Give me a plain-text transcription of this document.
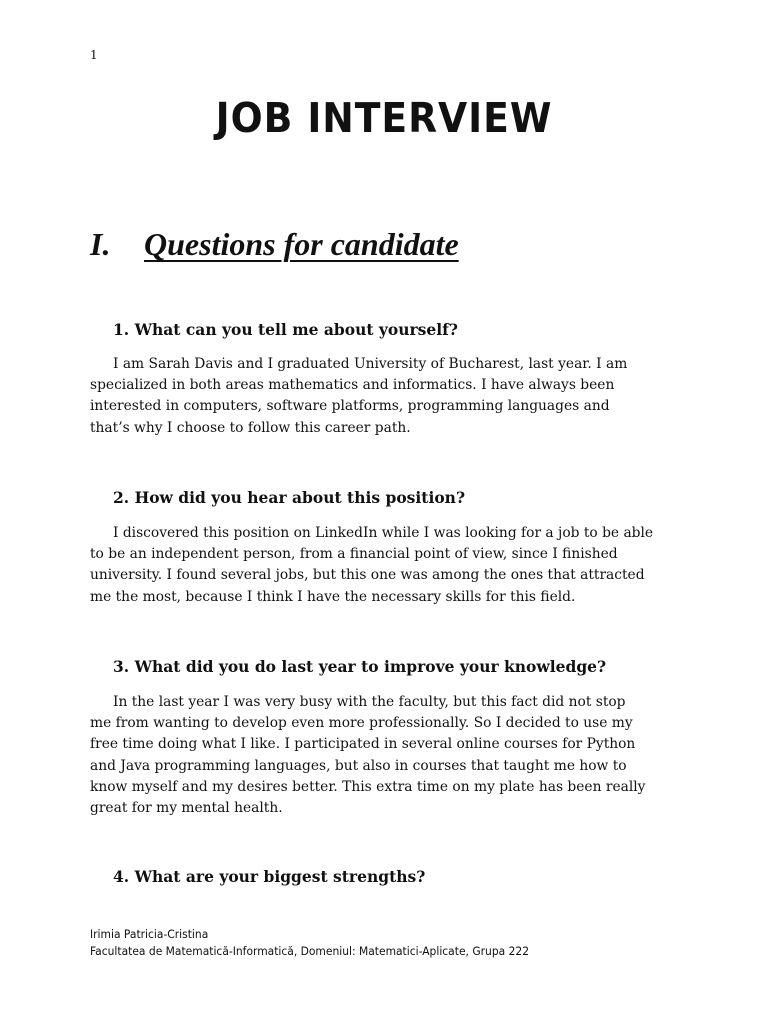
1
JOB INTERVIEW
I. Questions for candidate
1. What can you tell me about yourself?
I am Sarah Davis and I graduated University of Bucharest, last year. I am
specialized in both areas mathematics and informatics. I have always been
interested in computers, software platforms, programming languages and
that’s why I choose to follow this career path.
2. How did you hear about this position?
I discovered this position on LinkedIn while I was looking for a job to be able
to be an independent person, from a financial point of view, since I finished
university. I found several jobs, but this one was among the ones that attracted
me the most, because I think I have the necessary skills for this field.
3. What did you do last year to improve your knowledge?
In the last year I was very busy with the faculty, but this fact did not stop
me from wanting to develop even more professionally. So I decided to use my
free time doing what I like. I participated in several online courses for Python
and Java programming languages, but also in courses that taught me how to
know myself and my desires better. This extra time on my plate has been really
great for my mental health.
4. What are your biggest strengths?
Irimia Patricia-Cristina
Facultatea de Matematică-Informatică, Domeniul: Matematici-Aplicate, Grupa 222
